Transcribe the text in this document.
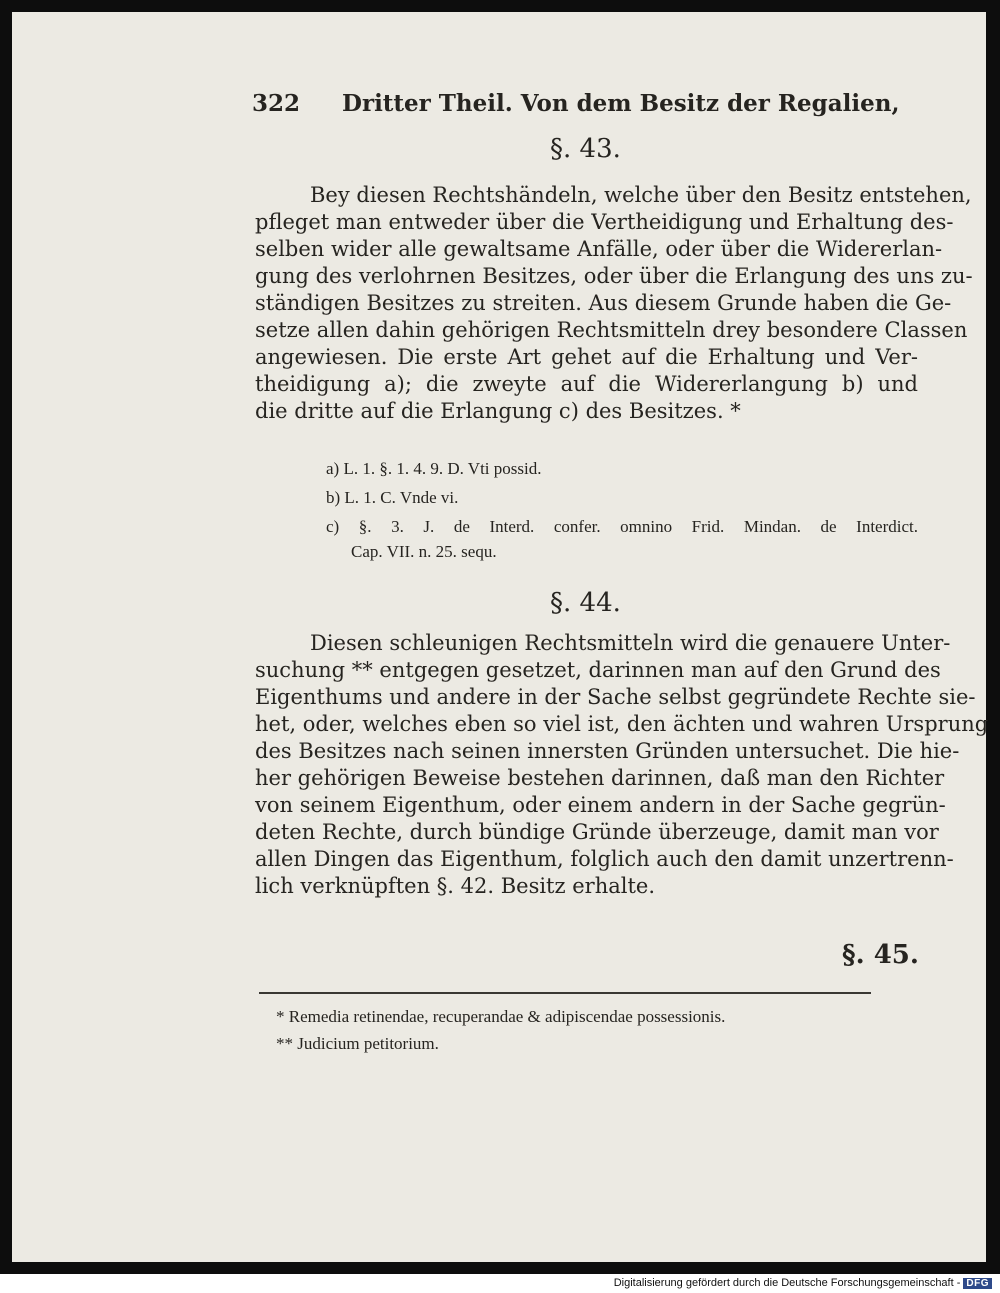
322 Dritter Theil. Von dem Besitz der Regalien,
§. 43.
Bey diesen Rechtshändeln, welche über den Besitz entstehen,
pfleget man entweder über die Vertheidigung und Erhaltung des-
selben wider alle gewaltsame Anfälle, oder über die Widererlan-
gung des verlohrnen Besitzes, oder über die Erlangung des uns zu-
ständigen Besitzes zu streiten. Aus diesem Grunde haben die Ge-
setze allen dahin gehörigen Rechtsmitteln drey besondere Classen
angewiesen. Die erste Art gehet auf die Erhaltung und Ver-
theidigung a); die zweyte auf die Widererlangung b) und
die dritte auf die Erlangung c) des Besitzes. *
a) L. 1. §. 1. 4. 9. D. Vti possid.
b) L. 1. C. Vnde vi.
c) §. 3. J. de Interd. confer. omnino Frid. Mindan. de Interdict.
Cap. VII. n. 25. sequ.
§. 44.
Diesen schleunigen Rechtsmitteln wird die genauere Unter-
suchung ** entgegen gesetzet, darinnen man auf den Grund des
Eigenthums und andere in der Sache selbst gegründete Rechte sie-
het, oder, welches eben so viel ist, den ächten und wahren Ursprung
des Besitzes nach seinen innersten Gründen untersuchet. Die hie-
her gehörigen Beweise bestehen darinnen, daß man den Richter
von seinem Eigenthum, oder einem andern in der Sache gegrün-
deten Rechte, durch bündige Gründe überzeuge, damit man vor
allen Dingen das Eigenthum, folglich auch den damit unzertrenn-
lich verknüpften §. 42. Besitz erhalte.
§. 45.
* Remedia retinendae, recuperandae & adipiscendae possessionis.
** Judicium petitorium.
Digitalisierung gefördert durch die Deutsche Forschungsgemeinschaft - DFG
